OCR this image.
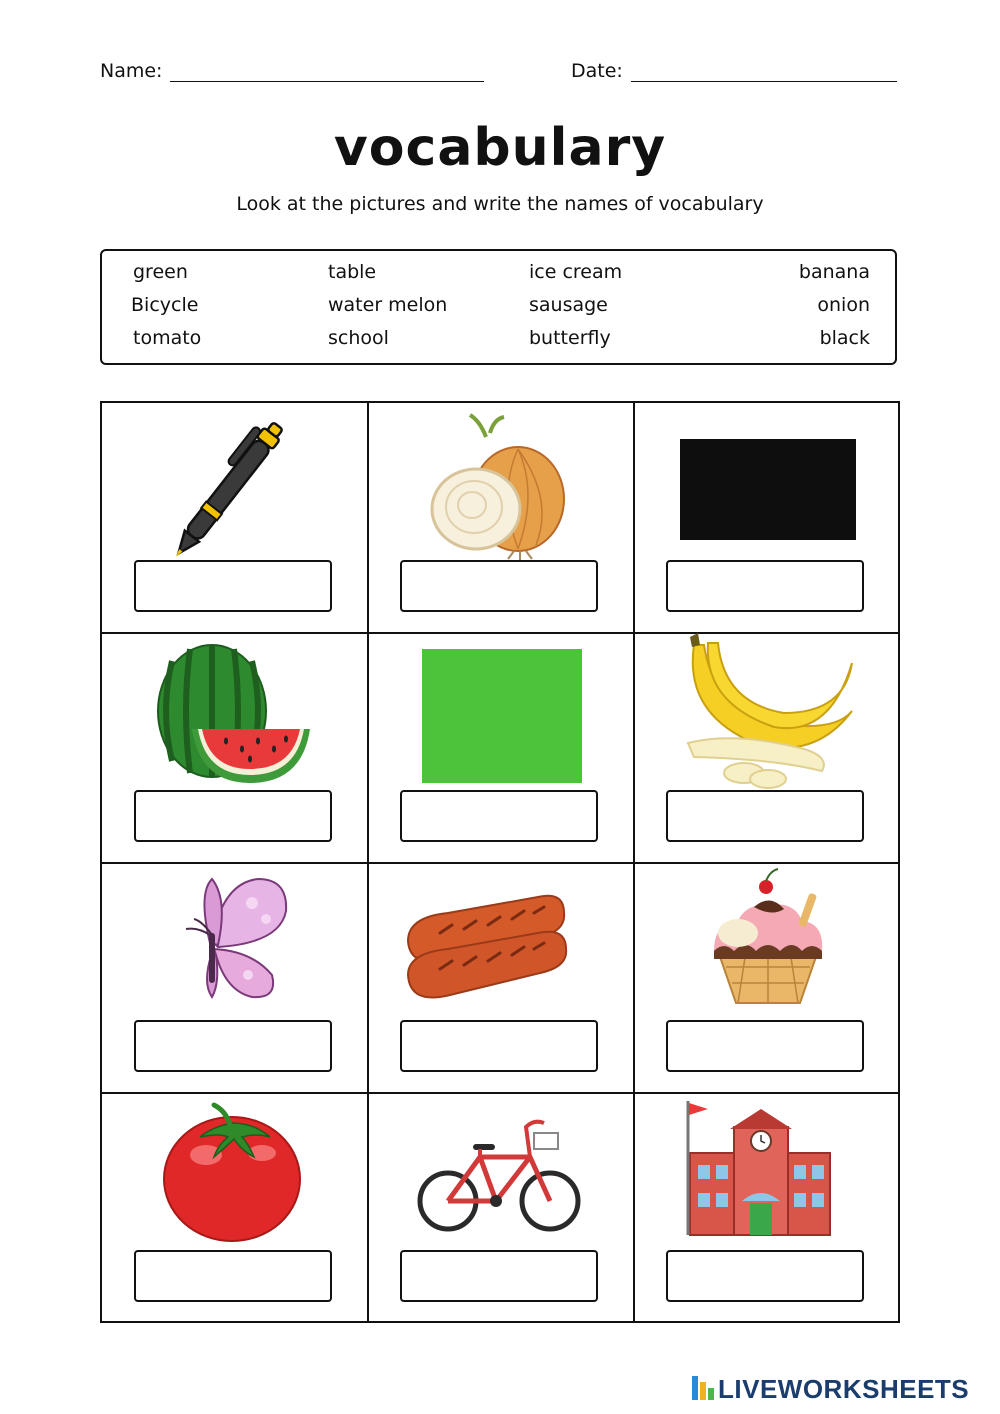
Name:	Date:
vocabulary
Look at the pictures and write the names of vocabulary
green	table	ice cream	banana
Bicycle	water melon	sausage	onion
tomato	school	butterfly	black
LIVEWORKSHEETS
